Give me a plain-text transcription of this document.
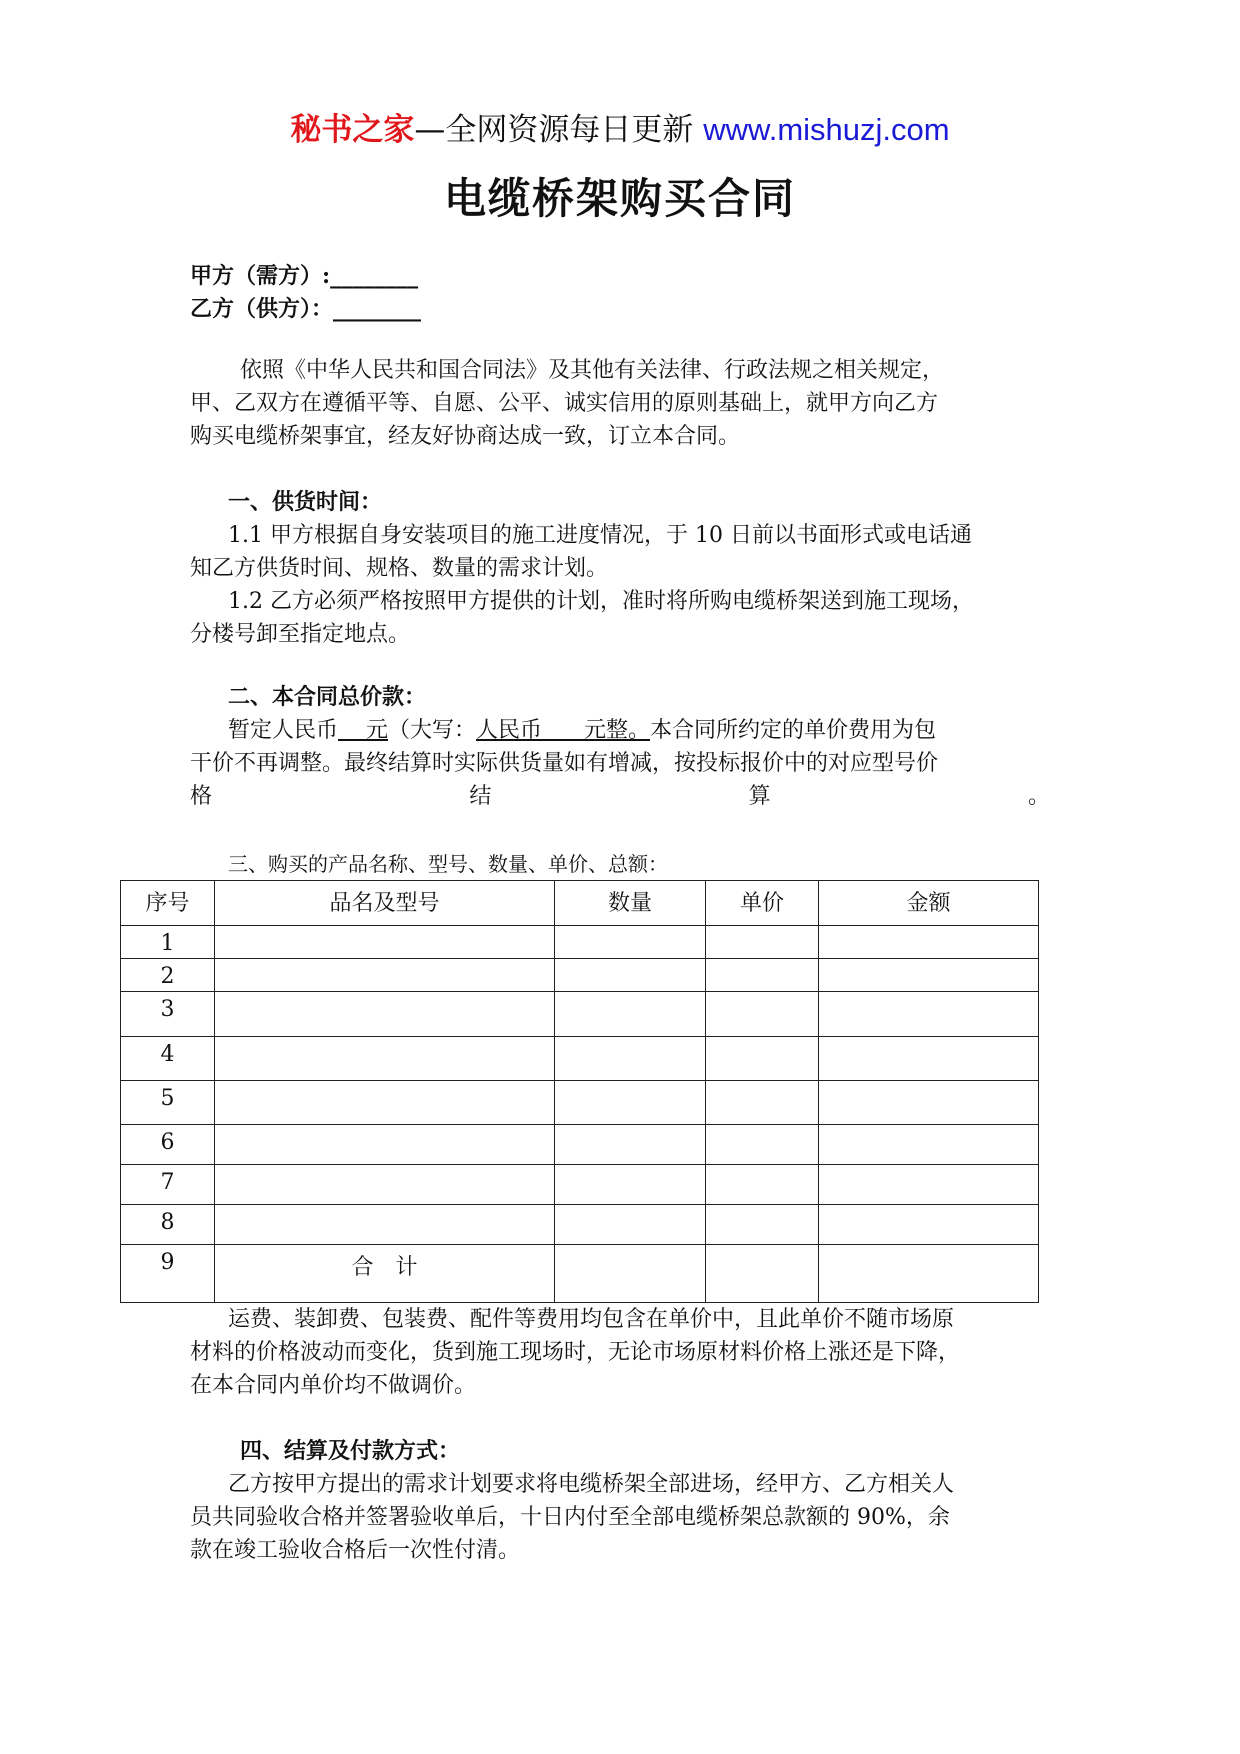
秘书之家—全网资源每日更新 www.mishuzj.com
电缆桥架购买合同
甲方（需方）:________
乙方（供方）：________
依照《中华人民共和国合同法》及其他有关法律、行政法规之相关规定，
甲、乙双方在遵循平等、自愿、公平、诚实信用的原则基础上，就甲方向乙方
购买电缆桥架事宜，经友好协商达成一致，订立本合同。
一、供货时间：
1.1 甲方根据自身安装项目的施工进度情况，于 10 日前以书面形式或电话通
知乙方供货时间、规格、数量的需求计划。
1.2 乙方必须严格按照甲方提供的计划，准时将所购电缆桥架送到施工现场，
分楼号卸至指定地点。
二、本合同总价款：
暂定人民币    元（大写：人民币      元整。本合同所约定的单价费用为包
干价不再调整。最终结算时实际供货量如有增减，按投标报价中的对应型号价
格	结	算	。
三、购买的产品名称、型号、数量、单价、总额：
序号	品名及型号	数量	单价	金额

1				

2				

3				

4				

5				

6				

7				

8				

9	合　计			

运费、装卸费、包装费、配件等费用均包含在单价中，且此单价不随市场原
材料的价格波动而变化，货到施工现场时，无论市场原材料价格上涨还是下降，
在本合同内单价均不做调价。
四、结算及付款方式：
乙方按甲方提出的需求计划要求将电缆桥架全部进场，经甲方、乙方相关人
员共同验收合格并签署验收单后，十日内付至全部电缆桥架总款额的 90%，余
款在竣工验收合格后一次性付清。
